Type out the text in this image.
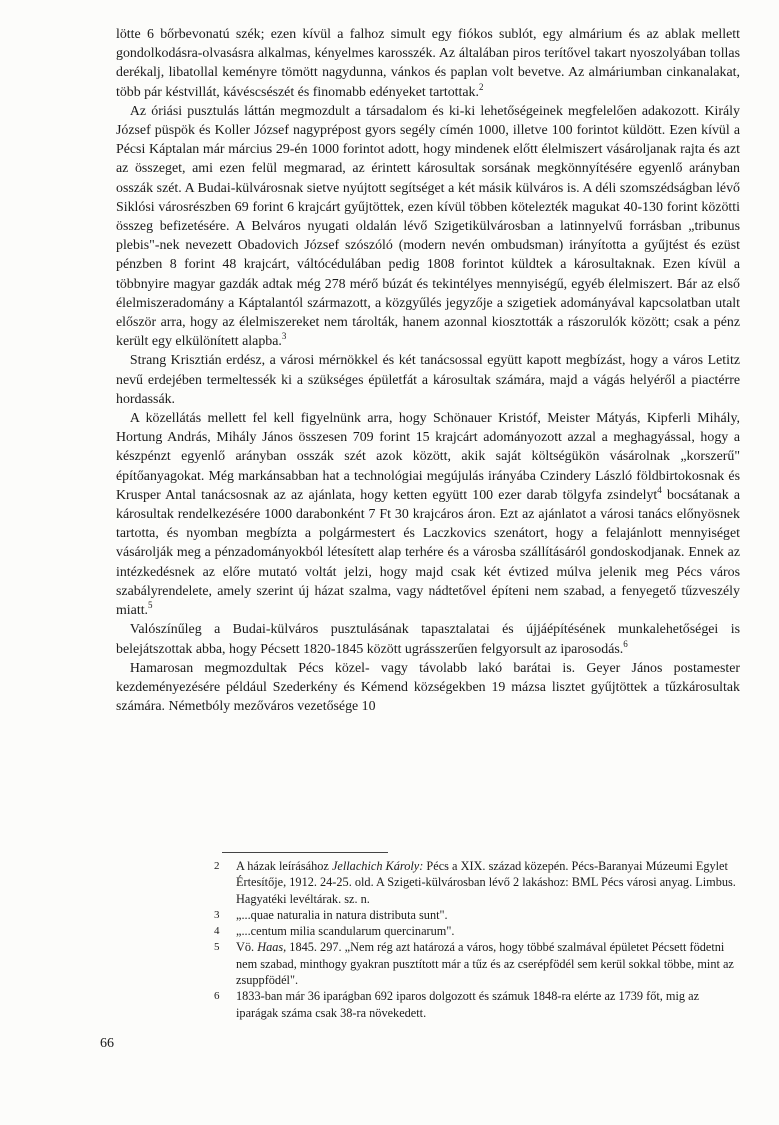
lötte 6 bőrbevonatú szék; ezen kívül a falhoz simult egy fiókos sublót, egy almárium és az ablak mellett gondolkodásra-olvasásra alkalmas, kényelmes karosszék. Az általában piros terítővel takart nyoszolyában tollas derékalj, libatollal keményre tömött nagydunna, vánkos és paplan volt bevetve. Az almáriumban cinkanalakat, több pár késtvillát, kávéscsészét és finomabb edényeket tartottak.$^2$

 Az óriási pusztulás láttán megmozdult a társadalom és ki-ki lehetőségeinek megfelelően adakozott. Király József püspök és Koller József nagyprépost gyors segély címén 1000, illetve 100 forintot küldött. Ezen kívül a Pécsi Káptalan már március 29-én 1000 forintot adott, hogy mindenek előtt élelmiszert vásároljanak rajta és azt az összeget, ami ezen felül megmarad, az érintett károsultak sorsának megkönnyítésére egyenlő arányban osszák szét. A Budai-külvárosnak sietve nyújtott segítséget a két másik külváros is. A déli szomszédságban lévő Siklósi városrészben 69 forint 6 krajcárt gyűjtöttek, ezen kívül többen kötelezték magukat 40-130 forint közötti összeg befizetésére. A Belváros nyugati oldalán lévő Szigetikülvárosban a latinnyelvű forrásban „tribunus plebis"-nek nevezett Obadovich József szószóló (modern nevén ombudsman) irányította a gyűjtést és ezüst pénzben 8 forint 48 krajcárt, váltócédulában pedig 1808 forintot küldtek a károsultaknak. Ezen kívül a többnyire magyar gazdák adtak még 278 mérő búzát és tekintélyes mennyiségű, egyéb élelmiszert. Bár az első élelmiszeradomány a Káptalantól származott, a közgyűlés jegyzője a szigetiek adományával kapcsolatban utalt először arra, hogy az élelmiszereket nem tárolták, hanem azonnal kiosztották a rászorulók között; csak a pénz került egy elkülönített alapba.$^3$

 Strang Krisztián erdész, a városi mérnökkel és két tanácsossal együtt kapott megbízást, hogy a város Letitz nevű erdejében termeltessék ki a szükséges épületfát a károsultak számára, majd a vágás helyéről a piactérre hordassák.

 A közellátás mellett fel kell figyelnünk arra, hogy Schönauer Kristóf, Meister Mátyás, Kipferli Mihály, Hortung András, Mihály János összesen 709 forint 15 krajcárt adományozott azzal a meghagyással, hogy a készpénzt egyenlő arányban osszák szét azok között, akik saját költségükön vásárolnak „korszerű" építőanyagokat. Még markánsabban hat a technológiai megújulás irányába Czindery László földbirtokosnak és Krusper Antal tanácsosnak az az ajánlata, hogy ketten együtt 100 ezer darab tölgyfa zsindelyt$^4$ bocsátanak a károsultak rendelkezésére 1000 darabonként 7 Ft 30 krajcáros áron. Ezt az ajánlatot a városi tanács előnyösnek tartotta, és nyomban megbízta a polgármestert és Laczkovics szenátort, hogy a felajánlott mennyiséget vásárolják meg a pénzadományokból létesített alap terhére és a városba szállításáról gondoskodjanak. Ennek az intézkedésnek az előre mutató voltát jelzi, hogy majd csak két évtized múlva jelenik meg Pécs város szabályrendelete, amely szerint új házat szalma, vagy nádtetővel építeni nem szabad, a fenyegető tűzveszély miatt.$^5$

 Valószínűleg a Budai-külváros pusztulásának tapasztalatai és újjáépítésének munkalehetőségei is belejátszottak abba, hogy Pécsett 1820-1845 között ugrásszerűen felgyorsult az iparosodás.$^6$

 Hamarosan megmozdultak Pécs közel- vagy távolabb lakó barátai is. Geyer János postamester kezdeményezésére például Szederkény és Kémend községekben 19 mázsa lisztet gyűjtöttek a tűzkárosultak számára. Németbóly mezőváros vezetősége 10

2 A házak leírásához Jellachich Károly: Pécs a XIX. század közepén. Pécs-Baranyai Múzeumi Egylet Értesítője, 1912. 24-25. old. A Szigeti-külvárosban lévő 2 lakáshoz: BML Pécs városi anyag. Limbus. Hagyatéki levéltárak. sz. n.

3 „...quae naturalia in natura distributa sunt".

4 „...centum milia scandularum quercinarum".

5 Vö. Haas, 1845. 297. „Nem rég azt határozá a város, hogy többé szalmával épületet Pécsett födetni nem szabad, minthogy gyakran pusztított már a tűz és az cserépfödél sem kerül sokkal többe, mint az zsuppfödél".

6 1833-ban már 36 iparágban 692 iparos dolgozott és számuk 1848-ra elérte az 1739 főt, mig az iparágak száma csak 38-ra növekedett.

66
